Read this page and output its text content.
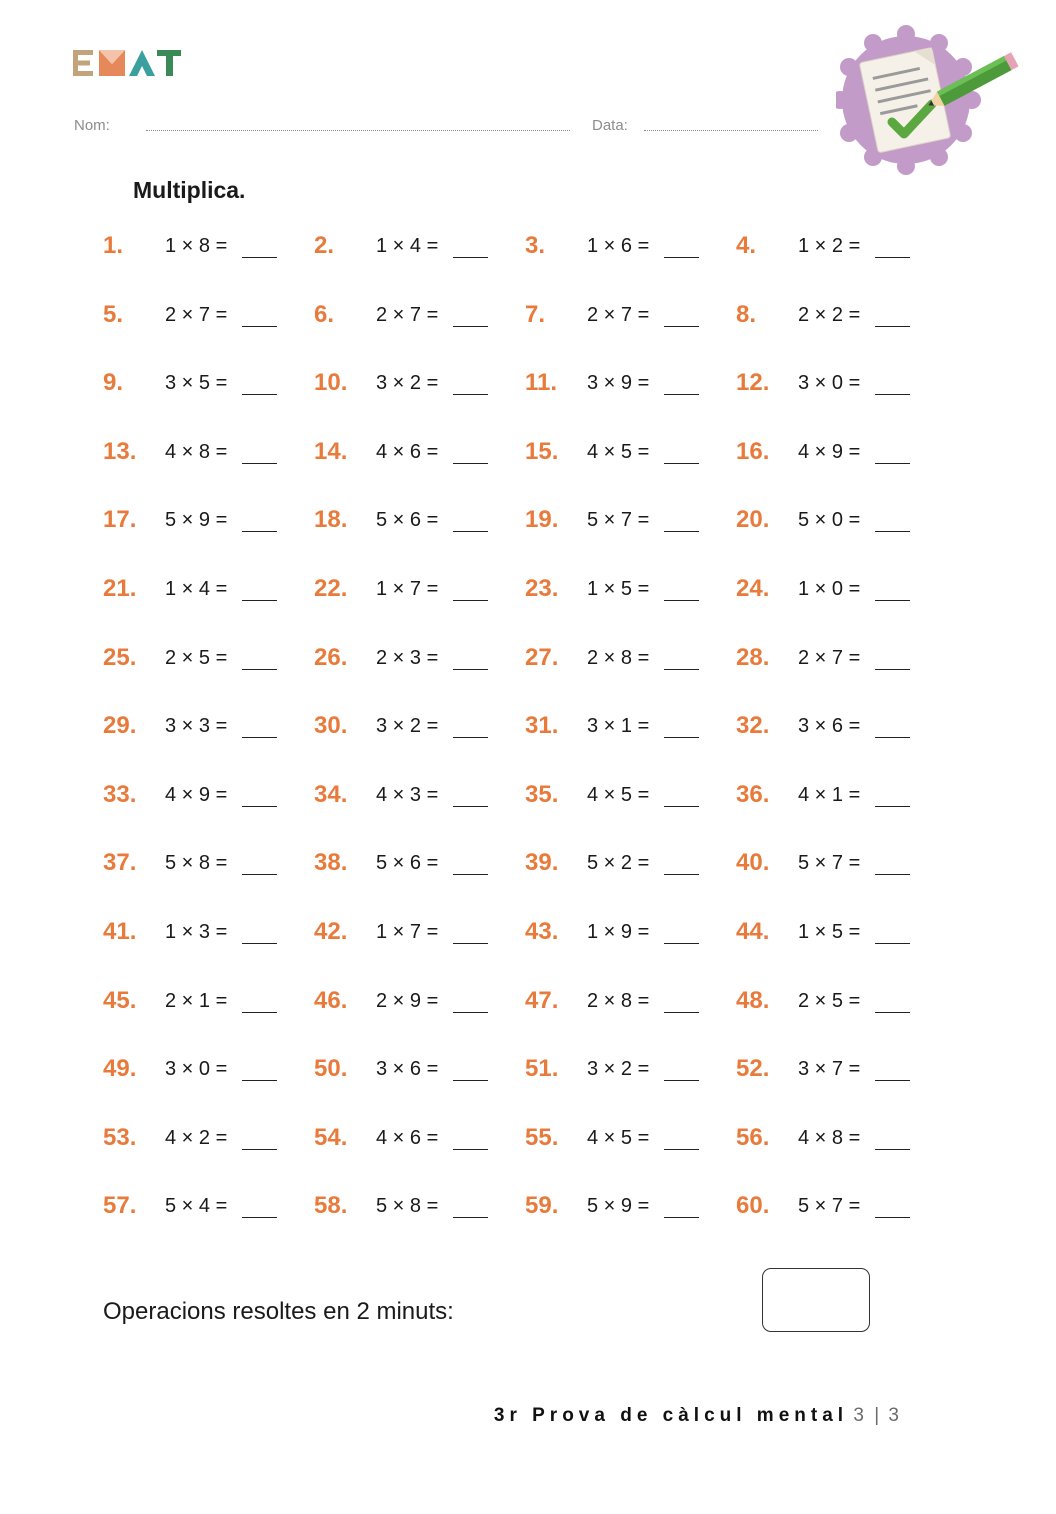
Nom:	Data:
Multiplica.
1. 1 × 8 =	2. 1 × 4 =	3. 1 × 6 =	4. 1 × 2 =
5. 2 × 7 =	6. 2 × 7 =	7. 2 × 7 =	8. 2 × 2 =
9. 3 × 5 =	10. 3 × 2 =	11. 3 × 9 =	12. 3 × 0 =
13. 4 × 8 =	14. 4 × 6 =	15. 4 × 5 =	16. 4 × 9 =
17. 5 × 9 =	18. 5 × 6 =	19. 5 × 7 =	20. 5 × 0 =
21. 1 × 4 =	22. 1 × 7 =	23. 1 × 5 =	24. 1 × 0 =
25. 2 × 5 =	26. 2 × 3 =	27. 2 × 8 =	28. 2 × 7 =
29. 3 × 3 =	30. 3 × 2 =	31. 3 × 1 =	32. 3 × 6 =
33. 4 × 9 =	34. 4 × 3 =	35. 4 × 5 =	36. 4 × 1 =
37. 5 × 8 =	38. 5 × 6 =	39. 5 × 2 =	40. 5 × 7 =
41. 1 × 3 =	42. 1 × 7 =	43. 1 × 9 =	44. 1 × 5 =
45. 2 × 1 =	46. 2 × 9 =	47. 2 × 8 =	48. 2 × 5 =
49. 3 × 0 =	50. 3 × 6 =	51. 3 × 2 =	52. 3 × 7 =
53. 4 × 2 =	54. 4 × 6 =	55. 4 × 5 =	56. 4 × 8 =
57. 5 × 4 =	58. 5 × 8 =	59. 5 × 9 =	60. 5 × 7 =
Operacions resoltes en 2 minuts:
3r Prova de càlcul mental 3 | 3
